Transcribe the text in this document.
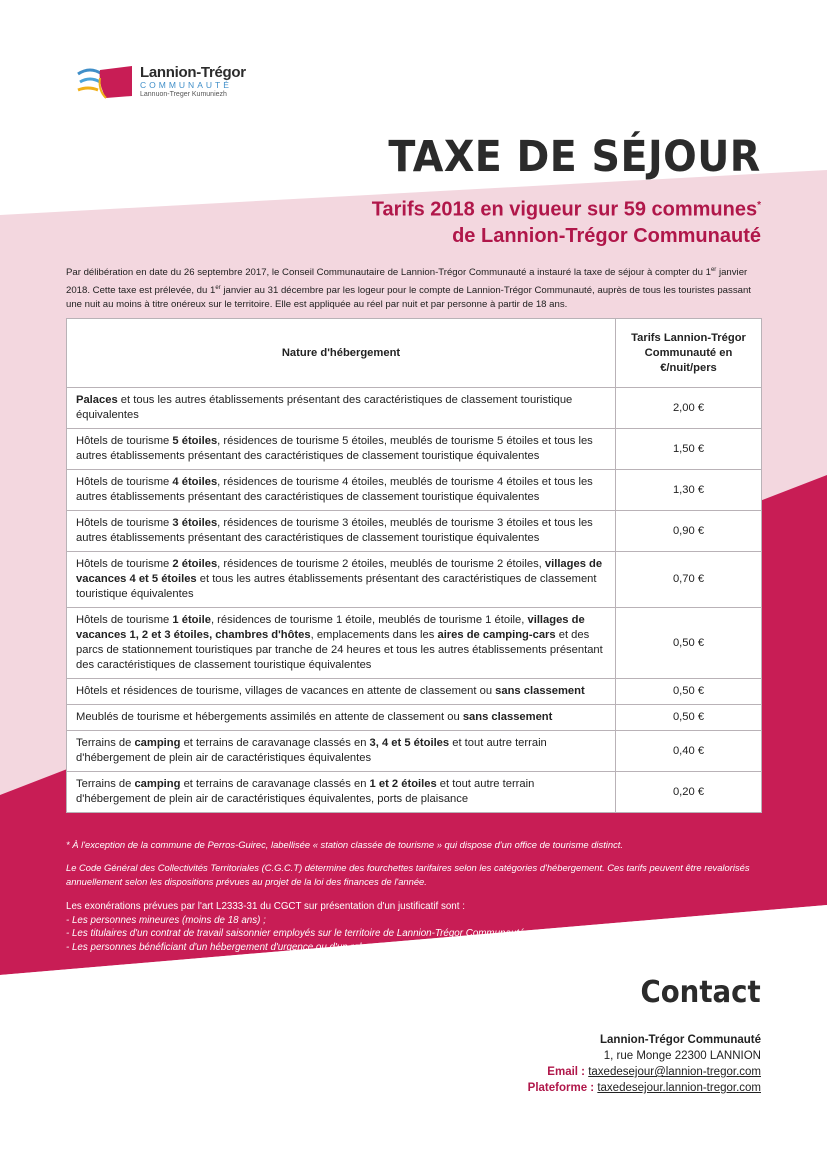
Lannion-Trégor
COMMUNAUTÉ
Lannuon-Treger Kumuniezh
TAXE DE SÉJOUR
Tarifs 2018 en vigueur sur 59 communes*
de Lannion-Trégor Communauté

Par délibération en date du 26 septembre 2017, le Conseil Communautaire de Lannion-Trégor Communauté a instauré la taxe de séjour à compter du 1er janvier 2018. Cette taxe est prélevée, du 1er janvier au 31 décembre par les logeur pour le compte de Lannion-Trégor Communauté, auprès de tous les touristes passant une nuit au moins à titre onéreux sur le territoire. Elle est appliquée au réel par nuit et par personne à partir de 18 ans.

Nature d'hébergement	Tarifs Lannion-Trégor Communauté en €/nuit/pers
Palaces et tous les autres établissements présentant des caractéristiques de classement touristique équivalentes	2,00 €
Hôtels de tourisme 5 étoiles, résidences de tourisme 5 étoiles, meublés de tourisme 5 étoiles et tous les autres établissements présentant des caractéristiques de classement touristique équivalentes	1,50 €
Hôtels de tourisme 4 étoiles, résidences de tourisme 4 étoiles, meublés de tourisme 4 étoiles et tous les autres établissements présentant des caractéristiques de classement touristique équivalentes	1,30 €
Hôtels de tourisme 3 étoiles, résidences de tourisme 3 étoiles, meublés de tourisme 3 étoiles et tous les autres établissements présentant des caractéristiques de classement touristique équivalentes	0,90 €
Hôtels de tourisme 2 étoiles, résidences de tourisme 2 étoiles, meublés de tourisme 2 étoiles, villages de vacances 4 et 5 étoiles et tous les autres établissements présentant des caractéristiques de classement touristique équivalentes	0,70 €
Hôtels de tourisme 1 étoile, résidences de tourisme 1 étoile, meublés de tourisme 1 étoile, villages de vacances 1, 2 et 3 étoiles, chambres d'hôtes, emplacements dans les aires de camping-cars et des parcs de stationnement touristiques par tranche de 24 heures et tous les autres établissements présentant des caractéristiques de classement touristique équivalentes	0,50 €
Hôtels et résidences de tourisme, villages de vacances en attente de classement ou sans classement	0,50 €
Meublés de tourisme et hébergements assimilés en attente de classement ou sans classement	0,50 €
Terrains de camping et terrains de caravanage classés en 3, 4 et 5 étoiles et tout autre terrain d'hébergement de plein air de caractéristiques équivalentes	0,40 €
Terrains de camping et terrains de caravanage classés en 1 et 2 étoiles et tout autre terrain d'hébergement de plein air de caractéristiques équivalentes, ports de plaisance	0,20 €
* À l'exception de la commune de Perros-Guirec, labellisée « station classée de tourisme » qui dispose d'un office de tourisme distinct.
Le Code Général des Collectivités Territoriales (C.G.C.T) détermine des fourchettes tarifaires selon les catégories d'hébergement. Ces tarifs peuvent être revalorisés annuellement selon les dispositions prévues au projet de la loi des finances de l'année.
Les exonérations prévues par l'art L2333-31 du CGCT sur présentation d'un justificatif sont :
- Les personnes mineures (moins de 18 ans) ;
- Les titulaires d'un contrat de travail saisonnier employés sur le territoire de Lannion-Trégor Communauté ;
- Les personnes bénéficiant d'un hébergement d'urgence ou d'un relogement temporaire sur le territoire.
Contact
Lannion-Trégor Communauté
1, rue Monge 22300 LANNION
Email : taxedesejour@lannion-tregor.com
Plateforme : taxedesejour.lannion-tregor.com
